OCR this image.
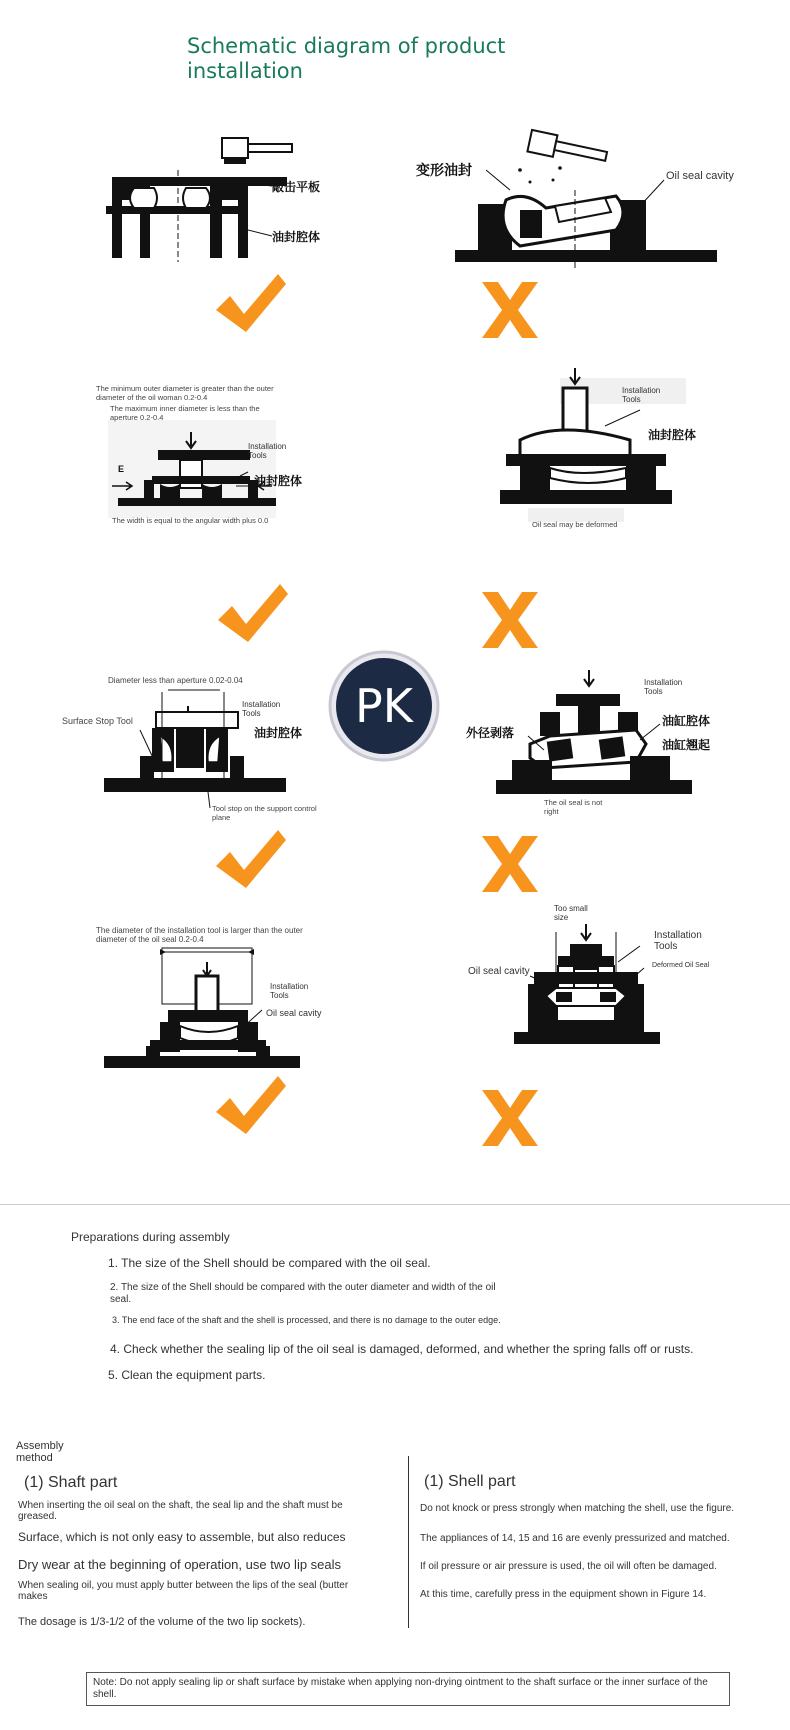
Schematic diagram of product
installation
敲击平板
油封腔体
变形油封	Oil seal cavity
The minimum outer diameter is greater than the outer diameter of the oil woman 0.2-0.4
The maximum inner diameter is less than the aperture 0.2-0.4
Installation
Tools
油封腔体
E
The width is equal to the angular width plus 0.0
Installation
Tools
油封腔体
Oil seal may be deformed
Diameter less than aperture 0.02-0.04
Surface Stop Tool
Installation
Tools
油封腔体
Tool stop on the support control
plane
PK	Installation
Tools
外径剥落
油缸腔体
油缸翘起
The oil seal is not
right
The diameter of the installation tool is larger than the outer diameter of the oil seal 0.2-0.4
Installation
Tools
Oil seal cavity
Too small
size
Installation
Tools
Oil seal cavity
Deformed Oil Seal
Preparations during assembly
1. The size of the Shell should be compared with the oil seal.
2. The size of the Shell should be compared with the outer diameter and width of the oil
seal.
3. The end face of the shaft and the shell is processed, and there is no damage to the outer edge.
4. Check whether the sealing lip of the oil seal is damaged, deformed, and whether the spring falls off or rusts.
5. Clean the equipment parts.
Assembly
method
(1) Shaft part
When inserting the oil seal on the shaft, the seal lip and the shaft must be
greased.
Surface, which is not only easy to assemble, but also reduces
Dry wear at the beginning of operation, use two lip seals
When sealing oil, you must apply butter between the lips of the seal (butter
makes
The dosage is 1/3-1/2 of the volume of the two lip sockets).
(1) Shell part
Do not knock or press strongly when matching the shell, use the figure.
The appliances of 14, 15 and 16 are evenly pressurized and matched.
If oil pressure or air pressure is used, the oil will often be damaged.
At this time, carefully press in the equipment shown in Figure 14.
Note: Do not apply sealing lip or shaft surface by mistake when applying non-drying ointment to the shaft surface or the inner surface of the shell.
